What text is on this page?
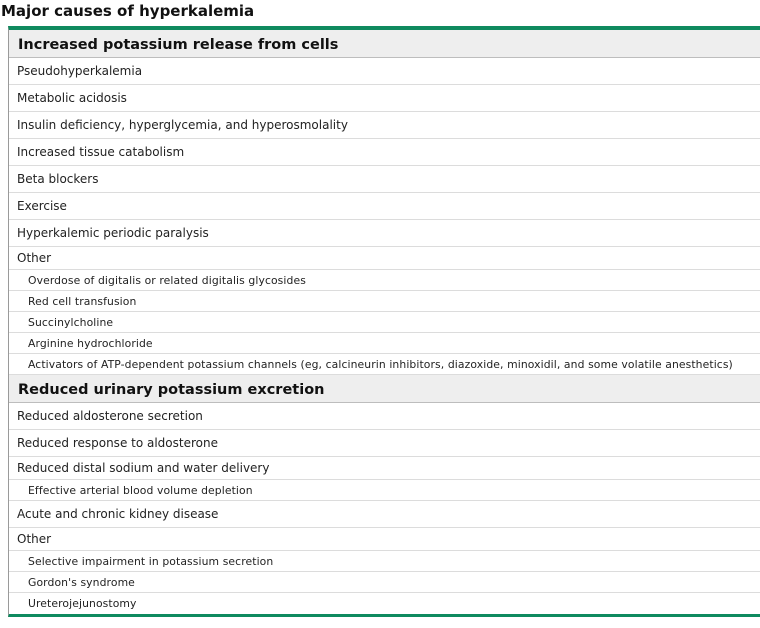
Major causes of hyperkalemia
Increased potassium release from cells
Pseudohyperkalemia
Metabolic acidosis
Insulin deficiency, hyperglycemia, and hyperosmolality
Increased tissue catabolism
Beta blockers
Exercise
Hyperkalemic periodic paralysis
Other
Overdose of digitalis or related digitalis glycosides
Red cell transfusion
Succinylcholine
Arginine hydrochloride
Activators of ATP-dependent potassium channels (eg, calcineurin inhibitors, diazoxide, minoxidil, and some volatile anesthetics)
Reduced urinary potassium excretion
Reduced aldosterone secretion
Reduced response to aldosterone
Reduced distal sodium and water delivery
Effective arterial blood volume depletion
Acute and chronic kidney disease
Other
Selective impairment in potassium secretion
Gordon's syndrome
Ureterojejunostomy
